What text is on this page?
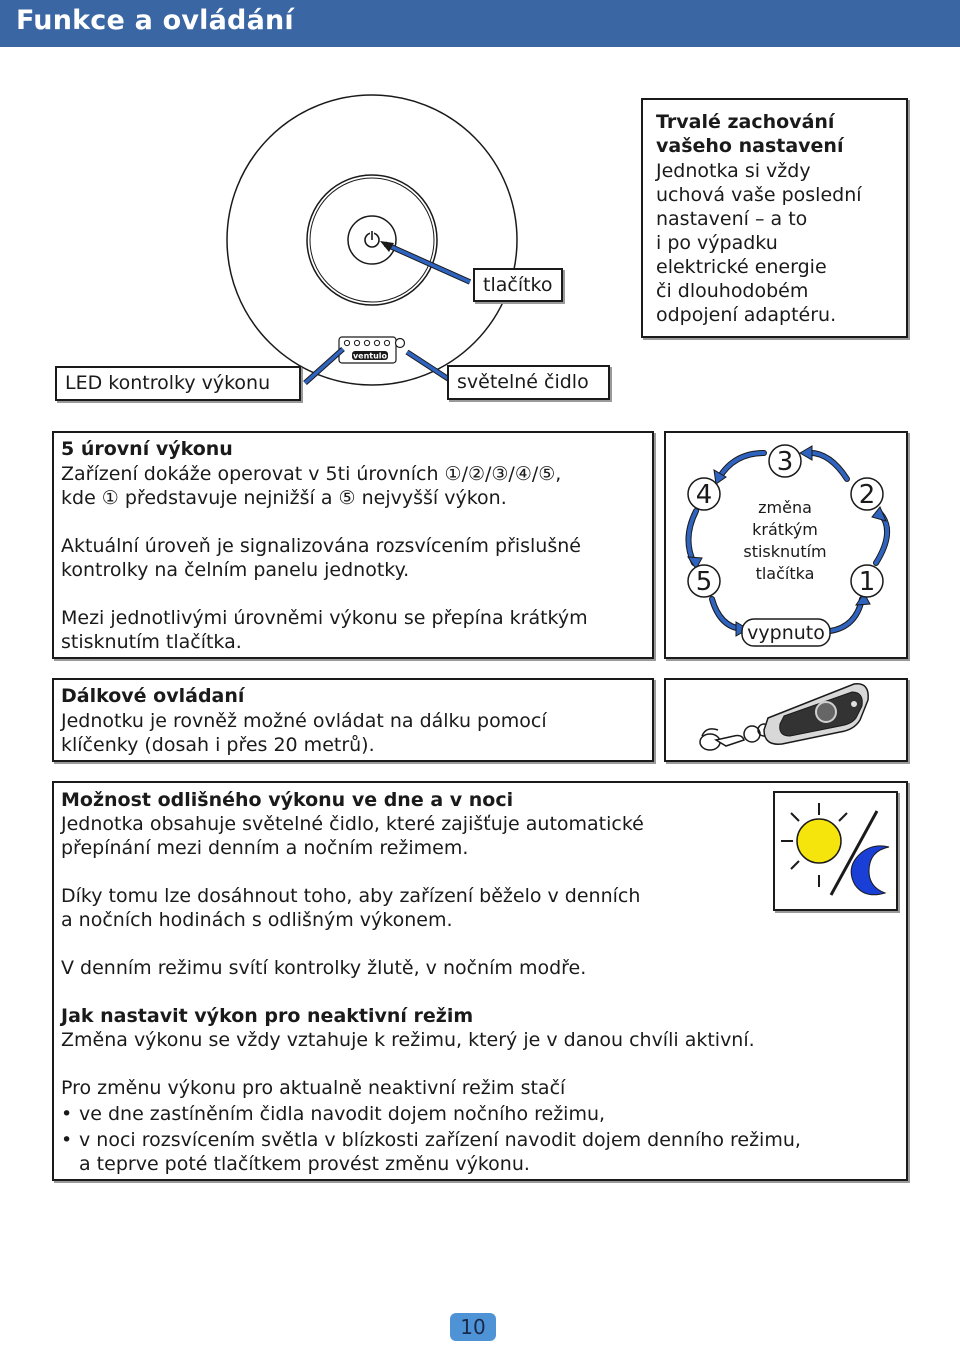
Funkce a ovládání
ventulo
tlačítko
LED kontrolky výkonu	světelné čidlo
Trvalé zachování
vašeho nastavení
Jednotka si vždy
uchová vaše poslední
nastavení – a to
i po výpadku
elektrické energie
či dlouhodobém
odpojení adaptéru.
5 úrovní výkonu
Zařízení dokáže operovat v 5ti úrovních ①/②/③/④/⑤,
kde ① představuje nejnižší a ⑤ nejvyšší výkon.
Aktuální úroveň je signalizována rozsvícením přislušné
kontrolky na čelním panelu jednotky.
Mezi jednotlivými úrovněmi výkonu se přepína krátkým
stisknutím tlačítka.
3
4	2
5	1
změna
krátkým
stisknutím
tlačítka
vypnuto
Dálkové ovládaní
Jednotku je rovněž možné ovládat na dálku pomocí
klíčenky (dosah i přes 20 metrů).
Možnost odlišného výkonu ve dne a v noci
Jednotka obsahuje světelné čidlo, které zajišťuje automatické
přepínání mezi denním a nočním režimem.
Díky tomu lze dosáhnout toho, aby zařízení běželo v denních
a nočních hodinách s odlišným výkonem.
V denním režimu svítí kontrolky žlutě, v nočním modře.
Jak nastavit výkon pro neaktivní režim
Změna výkonu se vždy vztahuje k režimu, který je v danou chvíli aktivní.
Pro změnu výkonu pro aktualně neaktivní režim stačí
• ve dne zastíněním čidla navodit dojem nočního režimu,
• v noci rozsvícením světla v blízkosti zařízení navodit dojem denního režimu,
a teprve poté tlačítkem provést změnu výkonu.
10
